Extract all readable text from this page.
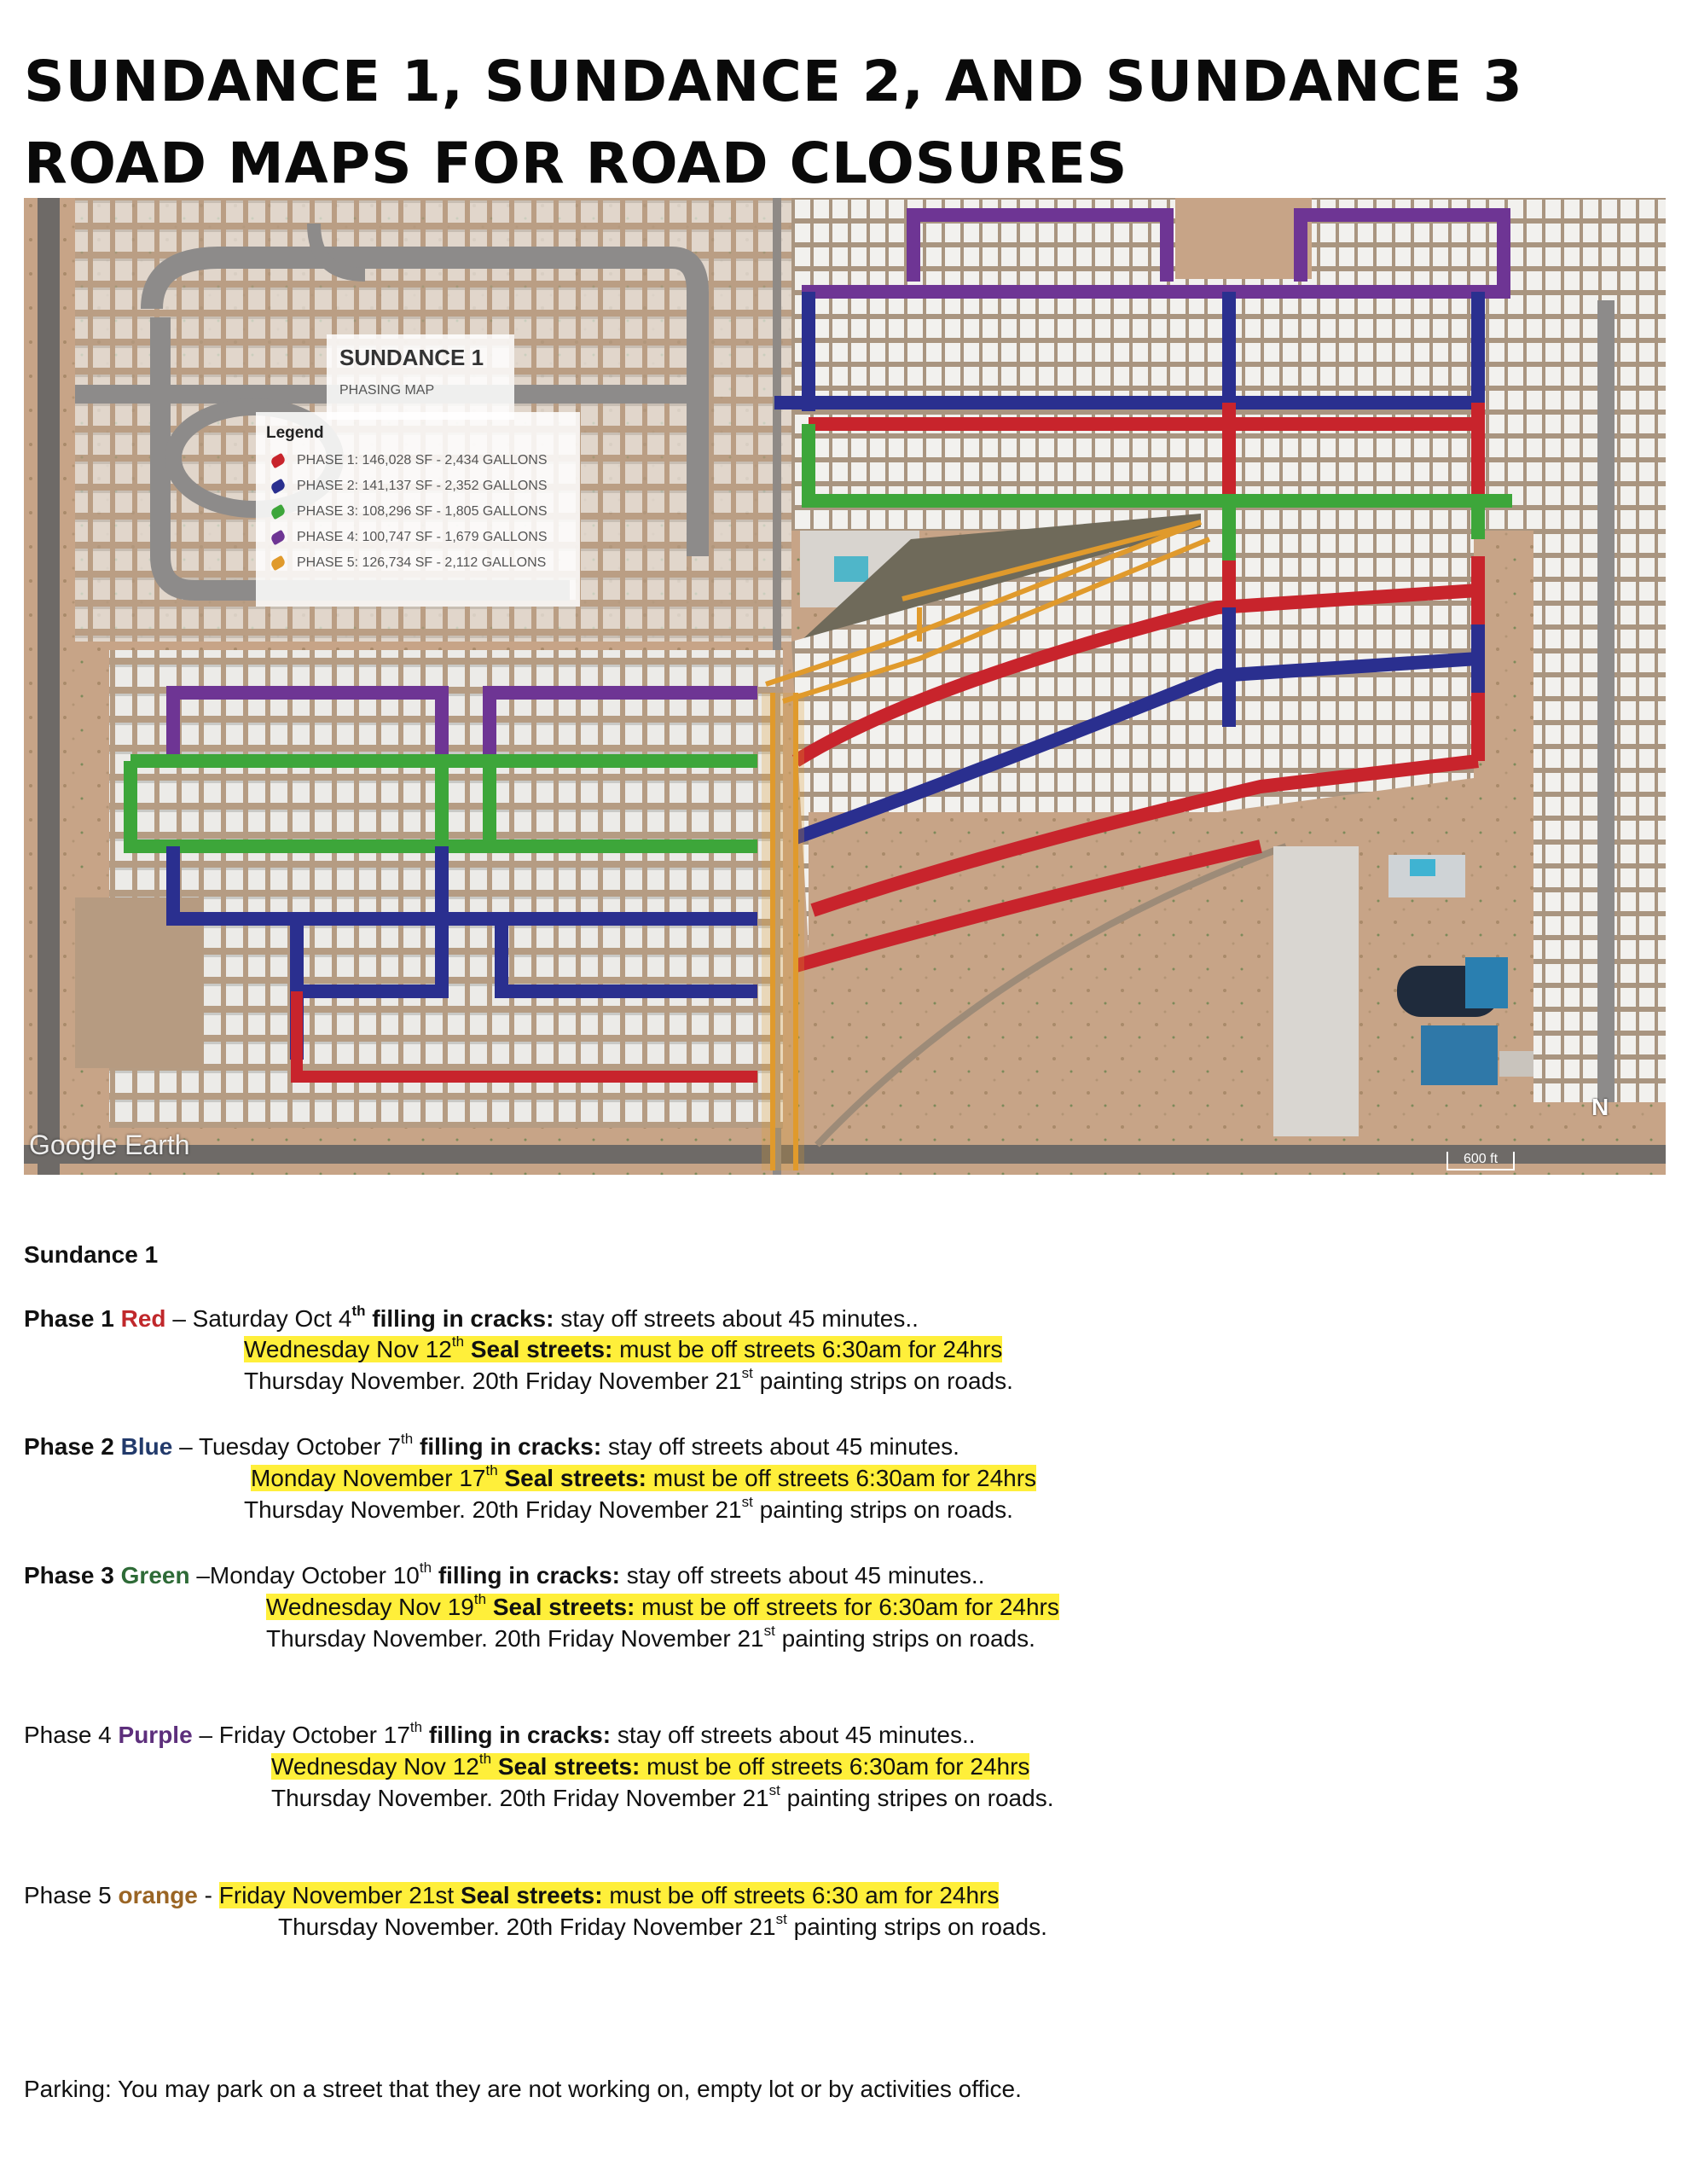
SUNDANCE 1, SUNDANCE 2, AND SUNDANCE 3
ROAD MAPS FOR ROAD CLOSURES
SUNDANCE 1
PHASING MAP
Legend
PHASE 1: 146,028 SF - 2,434 GALLONS
PHASE 2: 141,137 SF - 2,352 GALLONS
PHASE 3: 108,296 SF - 1,805 GALLONS
PHASE 4: 100,747 SF - 1,679 GALLONS
PHASE 5: 126,734 SF - 2,112 GALLONS
Google Earth
N
600 ft
Sundance 1
Phase 1 Red – Saturday Oct 4th filling in cracks: stay off streets about 45 minutes..
Wednesday Nov 12th Seal streets: must be off streets 6:30am for 24hrs
Thursday November. 20th Friday November 21st painting strips on roads.
Phase 2 Blue – Tuesday October 7th filling in cracks: stay off streets about 45 minutes.
Monday November 17th Seal streets: must be off streets 6:30am for 24hrs
Thursday November. 20th Friday November 21st painting strips on roads.
Phase 3 Green –Monday October 10th filling in cracks: stay off streets about 45 minutes..
Wednesday Nov 19th Seal streets: must be off streets for 6:30am for 24hrs
Thursday November. 20th Friday November 21st painting strips on roads.
Phase 4 Purple – Friday October 17th filling in cracks: stay off streets about 45 minutes..
Wednesday Nov 12th Seal streets: must be off streets 6:30am for 24hrs
Thursday November. 20th Friday November 21st painting stripes on roads.
Phase 5 orange - Friday November 21st Seal streets: must be off streets 6:30 am for 24hrs
Thursday November. 20th Friday November 21st painting strips on roads.
Parking: You may park on a street that they are not working on, empty lot or by activities office.
